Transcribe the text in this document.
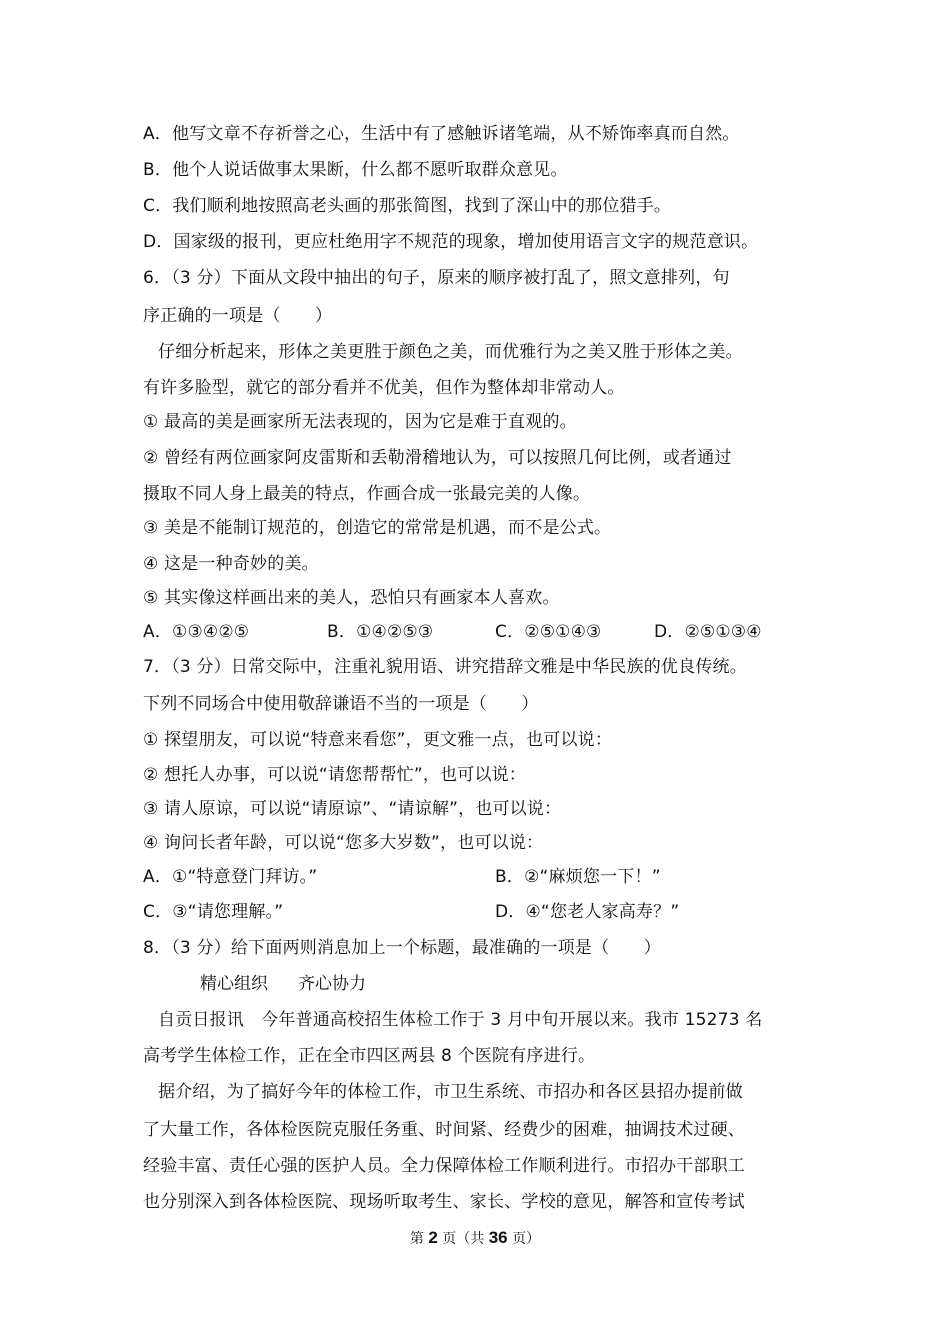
A．他写文章不存祈誉之心，生活中有了感触诉诸笔端，从不矫饰率真而自然。
B．他个人说话做事太果断，什么都不愿听取群众意见。
C．我们顺利地按照高老头画的那张简图，找到了深山中的那位猎手。
D．国家级的报刊，更应杜绝用字不规范的现象，增加使用语言文字的规范意识。
6．（3 分）下面从文段中抽出的句子，原来的顺序被打乱了，照文意排列，句
序正确的一项是（　　）
仔细分析起来，形体之美更胜于颜色之美，而优雅行为之美又胜于形体之美。
有许多脸型，就它的部分看并不优美，但作为整体却非常动人。
① 最高的美是画家所无法表现的，因为它是难于直观的。
② 曾经有两位画家阿皮雷斯和丢勒滑稽地认为，可以按照几何比例，或者通过
摄取不同人身上最美的特点，作画合成一张最完美的人像。
③ 美是不能制订规范的，创造它的常常是机遇，而不是公式。
④ 这是一种奇妙的美。
⑤ 其实像这样画出来的美人，恐怕只有画家本人喜欢。
A．①③④②⑤	B．①④②⑤③	C．②⑤①④③	D．②⑤①③④
7．（3 分）日常交际中，注重礼貌用语、讲究措辞文雅是中华民族的优良传统。
下列不同场合中使用敬辞谦语不当的一项是（　　）
① 探望朋友，可以说“特意来看您”，更文雅一点，也可以说：
② 想托人办事，可以说“请您帮帮忙”，也可以说：
③ 请人原谅，可以说“请原谅”、“请谅解”，也可以说：
④ 询问长者年龄，可以说“您多大岁数”，也可以说：
A．①“特意登门拜访。”	B．②“麻烦您一下！”
C．③“请您理解。”	D．④“您老人家高寿？”
8．（3 分）给下面两则消息加上一个标题，最准确的一项是（　　）
精心组织 齐心协力
自贡日报讯　今年普通高校招生体检工作于 3 月中旬开展以来。我市 15273 名
高考学生体检工作，正在全市四区两县 8 个医院有序进行。
据介绍，为了搞好今年的体检工作，市卫生系统、市招办和各区县招办提前做
了大量工作，各体检医院克服任务重、时间紧、经费少的困难，抽调技术过硬、
经验丰富、责任心强的医护人员。全力保障体检工作顺利进行。市招办干部职工
也分别深入到各体检医院、现场听取考生、家长、学校的意见，解答和宣传考试
第 2 页（共 36 页）
